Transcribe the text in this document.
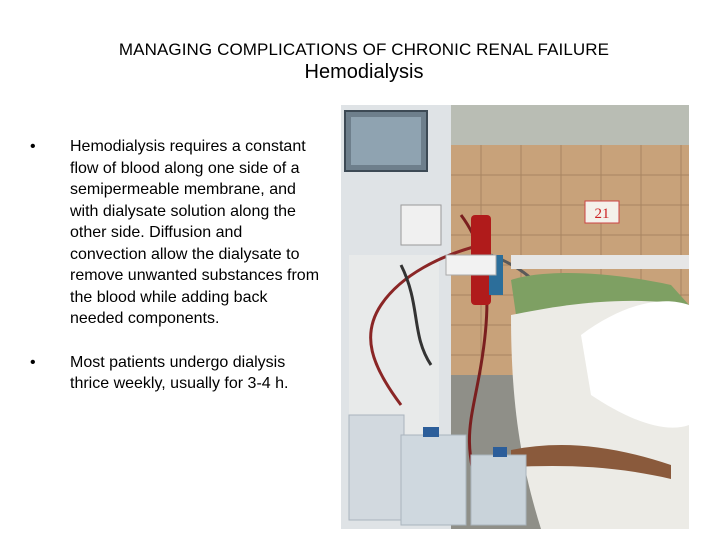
MANAGING COMPLICATIONS OF CHRONIC RENAL FAILURE
Hemodialysis
• Hemodialysis requires a constant flow of blood along one side of a semipermeable membrane, and with dialysate solution along the other side. Diffusion and convection allow the dialysate to remove unwanted substances from the blood while adding back needed components.
• Most patients undergo dialysis thrice weekly, usually for 3-4 h.
21
